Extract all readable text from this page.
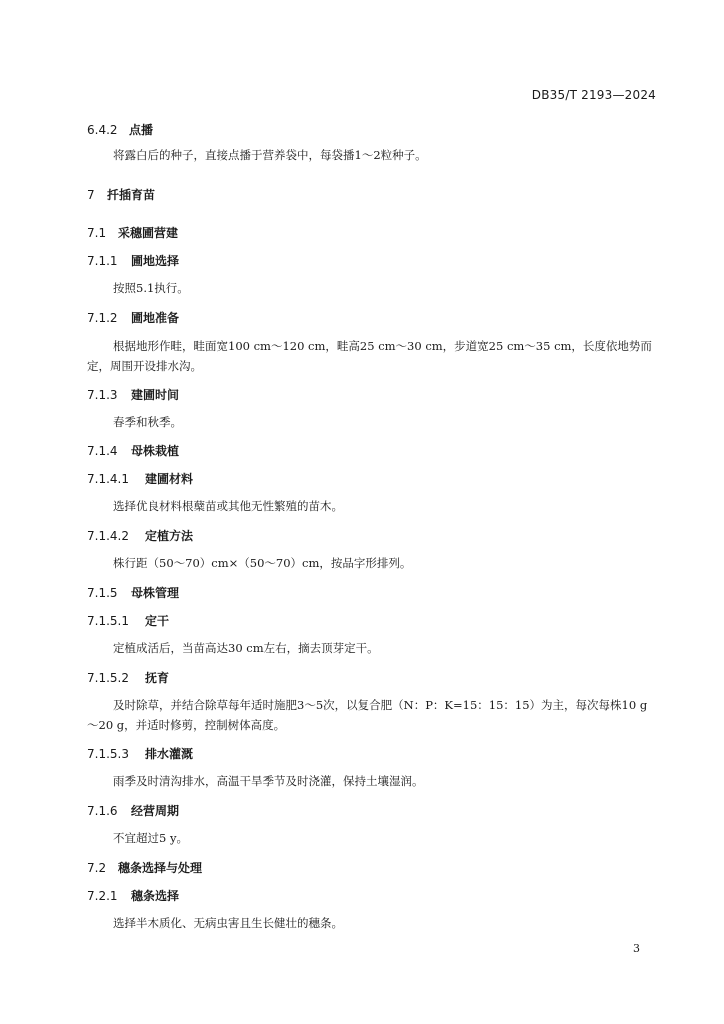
DB35/T 2193—2024
6.4.2 点播
将露白后的种子，直接点播于营养袋中，每袋播1～2粒种子。
7 扦插育苗
7.1 采穗圃营建
7.1.1 圃地选择
按照5.1执行。
7.1.2 圃地准备
根据地形作畦，畦面宽100 cm～120 cm，畦高25 cm～30 cm，步道宽25 cm～35 cm，长度依地势而定，周围开设排水沟。
7.1.3 建圃时间
春季和秋季。
7.1.4 母株栽植
7.1.4.1 建圃材料
选择优良材料根蘖苗或其他无性繁殖的苗木。
7.1.4.2 定植方法
株行距（50～70）cm×（50～70）cm，按品字形排列。
7.1.5 母株管理
7.1.5.1 定干
定植成活后，当苗高达30 cm左右，摘去顶芽定干。
7.1.5.2 抚育
及时除草，并结合除草每年适时施肥3～5次，以复合肥（N：P：K=15：15：15）为主，每次每株10 g～20 g，并适时修剪，控制树体高度。
7.1.5.3 排水灌溉
雨季及时清沟排水，高温干旱季节及时浇灌，保持土壤湿润。
7.1.6 经营周期
不宜超过5 y。
7.2 穗条选择与处理
7.2.1 穗条选择
选择半木质化、无病虫害且生长健壮的穗条。
3
